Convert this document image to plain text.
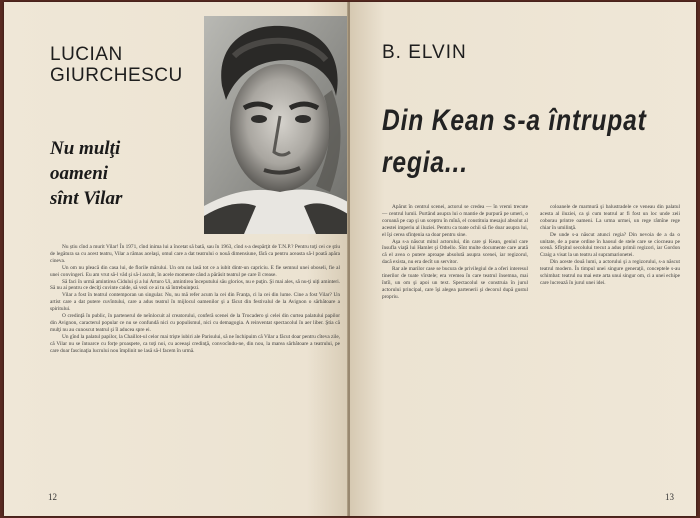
LUCIAN
GIURCHESCU
Nu mulţi
oameni
sînt Vilar

Nu știu cînd a murit Vilar! În 1971, cînd inima lui a încetat să bată, sau în 1963, cînd s-a despărţit de T.N.P.? Pentru toţi cei ce ştiu de legătura sa cu acest teatru, Vilar a rămas acelaşi, omul care a dat teatrului o nouă dimensiune, fără ca pentru aceasta să-l poată apăra cineva.

Un om nu pleacă din casa lui, de florile mărului. Un om nu lasă tot ce a iubit dintr-un capriciu. E fie semnul unei oboseli, fie al unei convingeri. Eu am vrut să-l văd şi să-l ascult, în acele momente când a părăsit teatrul pe care îl crease.

Să faci în urmă amintirea Cidului şi a lui Arturo Ui, amintirea începutului său glorios, nu e puţin. Şi mai ales, să nu-ţi uiţi aminteri. Să nu ai pentru ce deciţi cuvinte calde, să vezi ce ai tu să întrebuinţezi.

Vilar a fost în teatrul contemporan un singular. Nu, nu mă refer acum la cei din Franţa, ci la cei din lume. Cine a fost Vilar? Un artist care a dat putere cuvîntului, care a adus teatrul în mijlocul oamenilor şi a făcut din festivalul de la Avignon o sărbătoare a spiritului.

O credinţă în public, în partenerul de neînlocuit al creatorului, conferă scenei de la Trocadero şi celei din curtea palatului papilor din Avignon, caracterul popular ce nu se confundă nici cu populismul, nici cu demagogia. A reinventat spectacolul în aer liber. Ştia că mulţi nu au cunoscut teatrul şi îl aducea spre ei.

Un gînd la palatul papilor, la Chaillot-ul celor mai trişte iubiri ale Parisului, să ne închipuim că Vilar a făcut doar pentru cîteva zile, că Vilar nu se întoarce cu forţe proaspete, ca toţi noi, cu aceeaşi credinţă, convocîndu-ne, din nou, la marea sărbătoare a teatrului, pe care doar fascinaţia lucrului nou împlinit ne lasă să-l facem în urmă.

12
B. ELVIN
Din Kean s-a întrupat
regia...

Apărut în centrul scenei, actorul se credea — în vremi trecute — centrul lumii. Purtând asupra lui o mantie de purpură pe umeri, o coroană pe cap şi un sceptru în mînă, el constituia mesajul absolut al acestei imperiu al iluziei. Pentru ca toate ochii să fie doar asupra lui, el îşi cerea sfinţenia sa doar pentru sine.

Aşa s-a născut mitul actorului, din care şi Kean, geniul care însufla viaţă lui Hamlet şi Othello. Sînt multe documente care arată că el avea o putere aproape absolută asupra scenei, iar regizorul, dacă exista, nu era decît un servitor.

Rar ale marilor case se bucura de privilegiul de a oferi interesul tinerilor de toate vîrstele; era vremea în care teatrul însemna, mai întîi, un om şi apoi un text. Spectacolul se construia în jurul actorului principal, care îşi alegea partenerii şi decorul după gustul propriu.

coloanele de marmură şi balustradele ce veneau din palatul acesta al iluziei, ca şi cum teatrul ar fi fost un loc unde zeii coborau printre oameni. La urma urmei, un rege rămîne rege chiar în umilinţă.

De unde s-a născut atunci regia? Din nevoia de a da o unitate, de a pune ordine în haosul de stele care se ciocneau pe scenă. Sfîrşitul secolului trecut a adus primii regizori, iar Gordon Craig a visat la un teatru al supramarionetei.

Din aceste două lumi, a actorului şi a regizorului, s-a născut teatrul modern. În timpul unei singure generaţii, conceptele s-au schimbat: teatrul nu mai este arta unui singur om, ci a unei echipe care lucrează în jurul unei idei.

13
